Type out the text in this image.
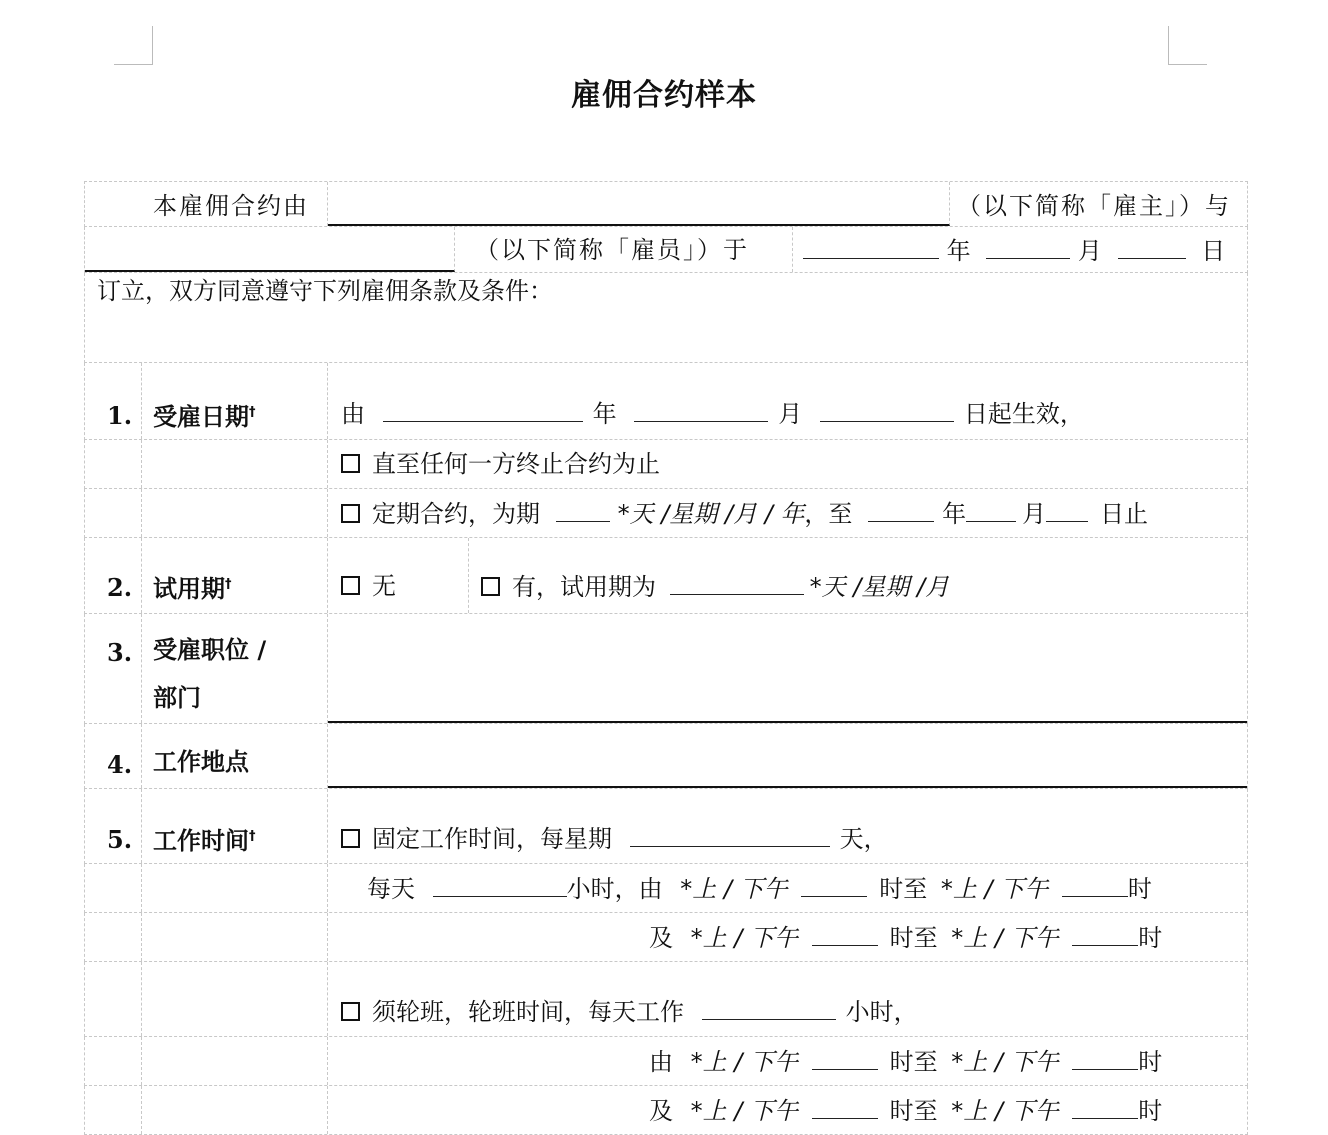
雇佣合约样本
本雇佣合约由	（以下简称「雇主」）与
（以下简称「雇员」）于	年	月	日
订立，双方同意遵守下列雇佣条款及条件：
1. 受雇日期†	由	年	月	日起生效，
直至任何一方终止合约为止
定期合约，为期	*天 /星期 /月 / 年，至	年 月 日止
2. 试用期†	无	有，试用期为	*天 /星期 /月
3. 受雇职位 /
部门
4. 工作地点
5. 工作时间†	固定工作时间，每星期	天，
每天	小时，由 *上 / 下午	时至 *上 / 下午	时
及 *上 / 下午	时至 *上 / 下午	时
须轮班，轮班时间，每天工作	小时，
由 *上 / 下午	时至 *上 / 下午	时
及 *上 / 下午	时至 *上 / 下午	时
